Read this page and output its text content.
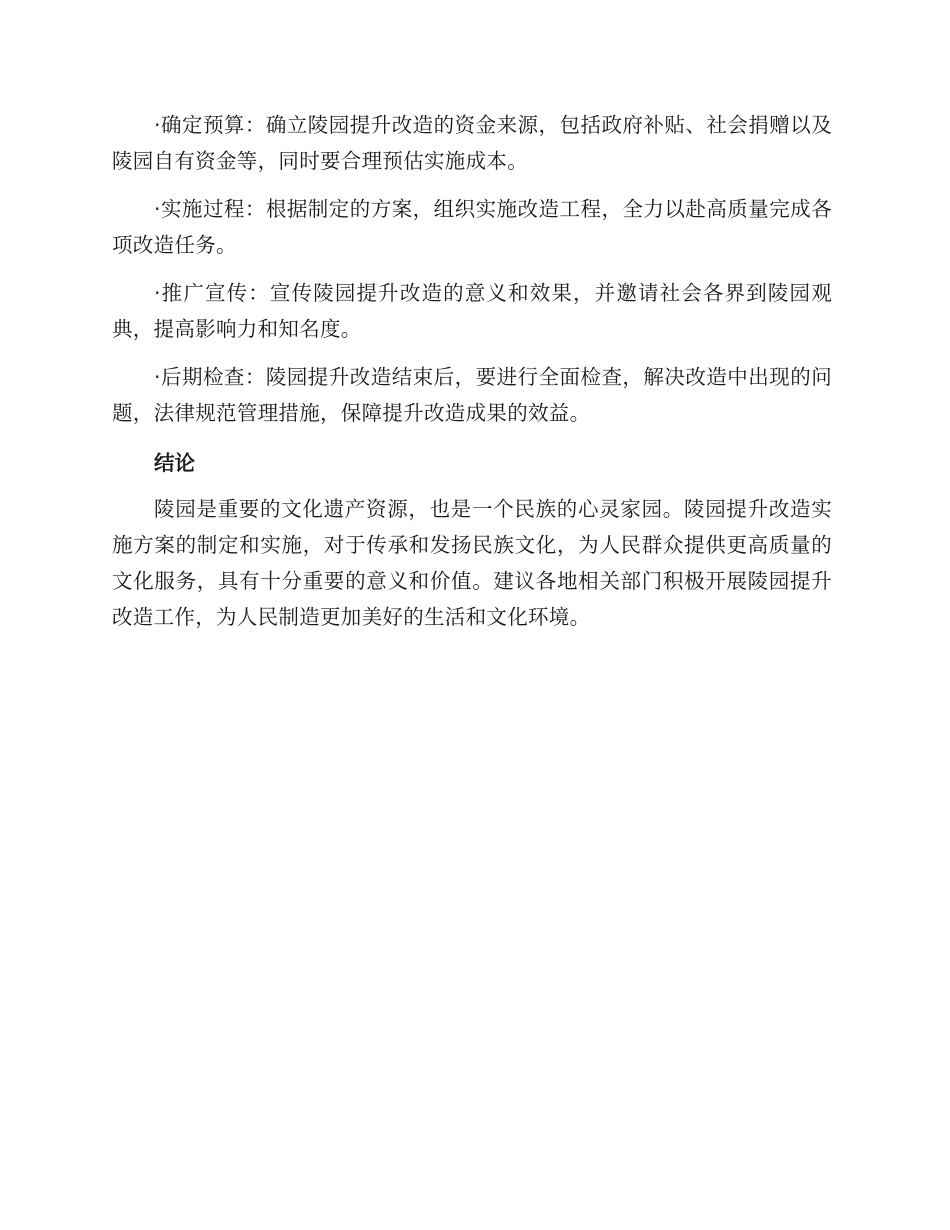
·确定预算：确立陵园提升改造的资金来源，包括政府补贴、社会捐赠以及陵园自有资金等，同时要合理预估实施成本。

·实施过程：根据制定的方案，组织实施改造工程，全力以赴高质量完成各项改造任务。

·推广宣传：宣传陵园提升改造的意义和效果，并邀请社会各界到陵园观典，提高影响力和知名度。

·后期检查：陵园提升改造结束后，要进行全面检查，解决改造中出现的问题，法律规范管理措施，保障提升改造成果的效益。

结论

陵园是重要的文化遗产资源，也是一个民族的心灵家园。陵园提升改造实施方案的制定和实施，对于传承和发扬民族文化，为人民群众提供更高质量的文化服务，具有十分重要的意义和价值。建议各地相关部门积极开展陵园提升改造工作，为人民制造更加美好的生活和文化环境。
